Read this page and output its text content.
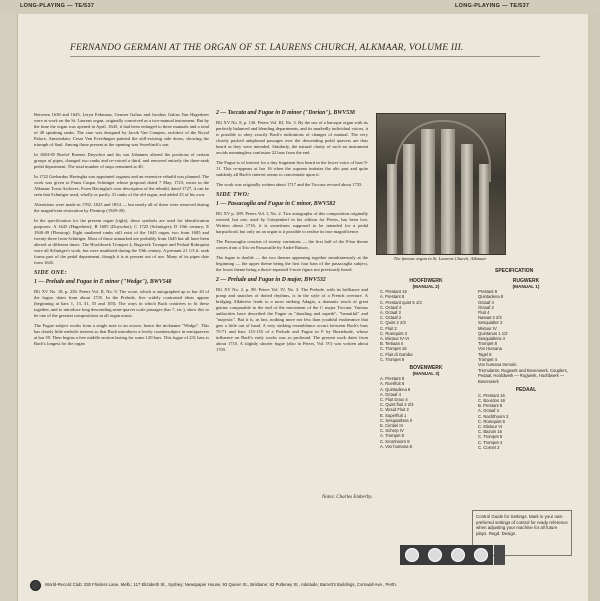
LONG-PLAYING — TE/537	LONG-PLAYING — TE/537
FERNANDO GERMANI AT THE ORGAN OF ST. LAURENS CHURCH, ALKMAAR, VOLUME III.

Between 1638 and 1645, Leryn Eekmans, Germer Galtus and Jacobus Galtus Van Hagerbeer were at work on the St. Laurens organ, originally conceived as a two-manual instrument. But by the time the organ was opened in April, 1645, it had been enlarged to three manuals and a total of 40 speaking ranks. The case was designed by Jacob Van Campen, architect of the Royal Palace, Amsterdam. Cesar Van Everdingen painted the still-existing side doors, showing the triumph of Saul. Among those present at the opening was Sweelinck's son.

In 1684-85 Roelof Barents Duyschot and his son Johannes altered the positions of certain groups of pipes, changed two ranks and re-voiced a third, and removed entirely the three-rank pedal department. The total number of stops remained at 40.

In 1722 Gerhardus Havingha was appointed organist and an extensive rebuild was planned. The work was given to Frans Caspar Schnitger whose proposal dated 7 May, 1723, exists in the Alkmaar Town Archives. From Havingha's own description of the rebuild, dated 1727, it can be seen that Schnitger used, wholly or partly, 31 ranks of the old organ, and added 25 of his own.

Alterations were made in 1782, 1823 and 1854 — but nearly all of these were removed during the magnificent restoration by Flentrop (1949-49).

In the specification for the present organ (right), these symbols are used for identification purposes: A 1645 (Hagerbeer); B 1685 (Duyschot); C 1725 (Schnitger); D 19th century; E 1940-49 (Flentrop). Eight unaltered ranks still exist of the 1645 organ, two from 1685 and twenty-three from Schnitger. Most of those unmarked are probably from 1645 but all have been altered at different times. The Hoofdwerk Trompet 4, Rugwerk Trompet and Pedaal Rohrquint were all Schnitger's work, but were mutilated during the 19th century. A prestant 21 1/3 ft. rank forms part of the pedal department, though it is at present out of use. Many of its pipes date from 1645.

SIDE ONE:
1 — Prelude and Fugue in E minor ("Wedge"), BWV548

BG XV No. 18, p. 236. Peters Vol. II, No. 9. The score, which is autographed up to bar 20 of the fugue, dates from about 1735. In the Prelude, five widely contrasted ideas appear (beginning at bars 1, 13, 31, 55 and 103). The ways in which Bach contrives to fit these together, and to introduce long descending semi-quaver scale passages (bar 7, etc.), show this to be one of the greatest compositions in all organ music.

The Fugue subject works from a single note to an octave, hence the nickname "Wedge". This has clearly little melodic interest so that Bach introduces a lovely countersubject in semiquavers at bar 59. Then begins a free middle section lasting for some 120 bars. This fugue of 231 bars is Bach's longest for the organ

2 — Toccata and Fugue in D minor ("Dorian"), BWV538

BG XV No. 8, p. 136. Peters Vol. III, No. 3. By the use of a baroque organ with its perfectly balanced and blending departments, and its markedly individual voices, it is possible to obey exactly Bach's indications of changes of manual. The very closely packed antiphonal passages over the descending pedal quavers are thus heard as they were intended. Similarly, the natural clarity of such an instrument avoids meaningless confusion 22 bars from the end.

The Fugue is of interest for a tiny fragment first heard in the lower voice of bars 9-11. This re-appears at bar 16 when the soprano imitates the alto part and quite suddenly all Bach's interest seems to concentrate upon it.

The work was originally written about 1717 and the Toccata revised about 1735.

SIDE TWO:
1 — Passacaglia and Fugue in C minor, BWV582

BG XV p. 289. Peters Vol. I, No. 2. Two autographs of this composition originally existed, but one, used by Griepenkerl in his edition for Peters, has been lost. Written about 1716, it is sometimes supposed to be intended for a pedal harpsichord, but only on an organ is it possible to realise its true magnificence.

The Passacaglia consists of twenty variations — the first half of the 8-bar theme comes from a Trio en Passacaille by André Raison.

The fugue is double — the two themes appearing together simultaneously at the beginning — the upper theme being the first four bars of the passacaglia subject, the lower theme being a thrice-repeated 3-note figure not previously heard.

2 — Prelude and Fugue in D major, BWV532

BG XV No. 2, p. 88. Peters Vol. IV, No. 3. The Prelude, with its brilliance and pomp and snatches of dotted rhythms, is in the style of a French overture. A bridging Allabreve leads to a most striking Adagio, a dramatic touch of great genius comparable to the end of the movement of the C major Toccata. Various authorities have described the Fugue as "dazzling and superb", "beautiful" and "majestic". But it is, in fact, nothing more nor less than youthful exuberance that gets a little out of hand. A very striking resemblance occurs between Bach's bars 70-71 and bars 115-116 of a Prelude and Fugue in F by Buxtehude, whose influence on Bach's early works was so profound. The present work dates from about 1710. A slightly shorter fugue (also in Peters, Vol. IV) was written about 1705.

Notes: Charles Emberby.
The famous organ in St. Laurens Church, Alkmaar
SPECIFICATION
HOOFDWERK
(MANUAL 2)
C. Prestant 16
A. Prestant 8
C. Prestant quint 5 1/3
C. Octaaf 4
A. Octaaf 2
C. Octaaf 2
C. Quint 2 2/3
C. Fluit 2
C. Roerquint 3
A. Mixtuur IV-VI
B. Tertiaan II
C. Trompet 16
C. Fluit di Gamba
C. Trompet 8
BOVENWERK
(MANUAL 3)
A. Prestant 8
A. Roerfluit 8
A. Quintadena 8
A. Octaaf 4
C. Fluit Doux 4
C. Quint fluit 2 2/3
C. Woud Fluit 2
E. Superfluit 1
C. Sesquialtera II
E. Cimbel III
C. Scherp IV
A. Trompet 8
C. Kromhoorn 8
A. Vox humana 8
RUGWERK
(MANUAL 1)
Prestant 8
Quintadena 8
Octaaf 4
Octaaf 2
Fluit 4
Nasaat 3 2/3
Sesquialter 2
Mixtuur IV
Quintanus 1 1/2
Sesquialtera II
Trompet 8
Vox Humana
Tagel 8
Trompet 4
Vox humana tremolo
Tremulants, Rugwerk and Bovenwerk. Couplers, Pedaal, Hoofdwerk — Rugwerk, Hoofdwerk — Bovenwerk
PEDAAL
C. Prestant 16
C. Bourdon 16
B. Prestant 8
A. Octaaf 4
C. Nachthoorn 2
C. Roerquint 6
C. Mixtuur VI
C. Bazuin 16
C. Trompet 8
C. Trompet 4
C. Cornet 2
Control Guide for Settings. Mark in your own preferred settings of control for ready reference when adjusting your machine for all future plays. Regd. Design.
World-Record Club: 330 Flinders Lane, Melb.; 117 Elizabeth St., Sydney; Newspaper House, 93 Queen St., Brisbane; 62 Pulteney St., Adelaide; Barrett's Buildings, Cornwall Ave., Perth.
